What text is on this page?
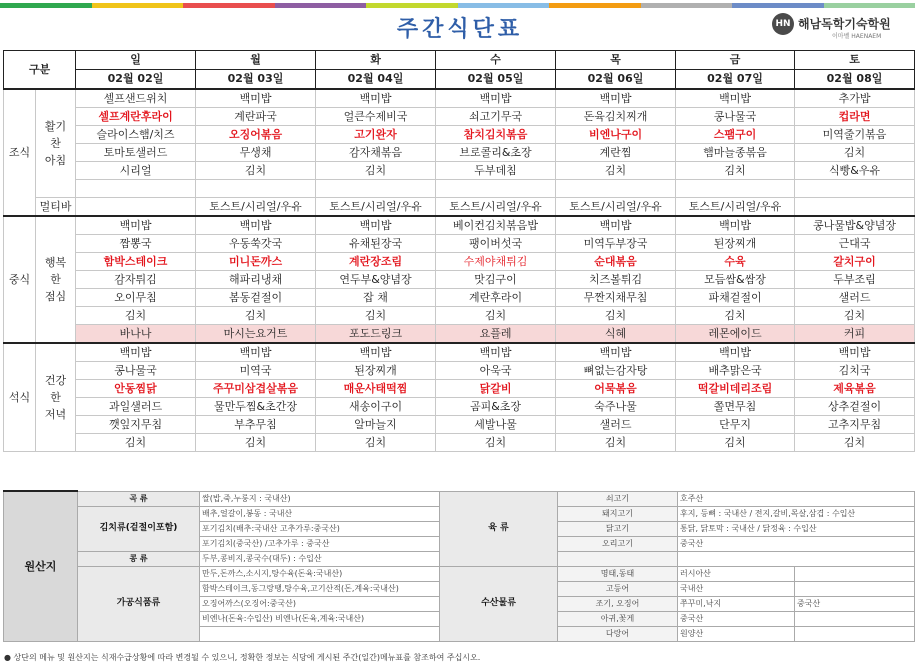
주간식단표	HN 해남독학기숙학원
이마벨 HAENAEM
구분		일	월	화	수	목	금	토
		02월 02일	02월 03일	02월 04일	02월 05일	02월 06일	02월 07일	02월 08일
조식	활기
찬
아침	셀프샌드위치	백미밥	백미밥	백미밥	백미밥	백미밥	추가밥
		셀프계란후라이	계란파국	얼큰수제비국	쇠고기무국	돈육김치찌개	콩나물국	컵라면
		슬라이스햄/치즈	오징어볶음	고기완자	참치김치볶음	비엔나구이	스팸구이	미역줄기볶음
		토마토샐러드	무생채	감자채볶음	브로콜리&초장	계란찜	햄마늘종볶음	김치
		시리얼	김치	김치	두부데침	김치	김치	식빵&우유

	멀티바		토스트/시리얼/우유	토스트/시리얼/우유	토스트/시리얼/우유	토스트/시리얼/우유	토스트/시리얼/우유	
중식	행복
한
점심	백미밥	백미밥	백미밥	베이컨김치볶음밥	백미밥	백미밥	콩나물밥&양념장
		짬뽕국	우동쑥갓국	유채된장국	팽이버섯국	미역두부장국	된장찌개	근대국
		함박스테이크	미니돈까스	계란장조림	수제야채튀김	순대볶음	수육	갈치구이
		감자튀김	해파리냉채	연두부&양념장	맛김구이	치즈볼튀김	모듬쌈&쌈장	두부조림
		오이무침	봄동겉절이	잡 채	계란후라이	무짠지채무침	파채겉절이	샐러드
		김치	김치	김치	김치	김치	김치	김치
		바나나	마시는요거트	포도드링크	요플레	식혜	레몬에이드	커피
석식	건강
한
저녁	백미밥	백미밥	백미밥	백미밥	백미밥	백미밥	백미밥
		콩나물국	미역국	된장찌개	아욱국	뼈없는감자탕	배추맑은국	김치국
		안동찜닭	주꾸미삼겹살볶음	매운사태떡찜	닭갈비	어묵볶음	떡갈비데리조림	제육볶음
		과일샐러드	물만두찜&초간장	새송이구이	곰피&초장	숙주나물	쫄면무침	상추겉절이
		깻잎지무침	부추무침	알마늘지	세발나물	샐러드	단무지	고추지무침
		김치	김치	김치	김치	김치	김치	김치
원산지	곡 류	쌀(밥,죽,누룽지 : 국내산)	육 류	쇠고기	호주산	
	김치류(겉절이포함)	배추,얼갈이,봉동 : 국내산		돼지고기	후지, 등뼈 : 국내산 / 전지,갈비,목살,삼겹 : 수입산	
		포기김치(배추:국내산 고추가루:중국산)		닭고기	통닭, 닭토막 : 국내산 / 닭정육 : 수입산	
		포기김치(중국산) /고추가루 : 중국산		오리고기	중국산	
	콩 류	두부,콩비지,콩국수(대두) : 수입산				
	가공식품류	만두,돈까스,소시지,탕수육(돈육:국내산)	수산물류	명태,동태	러시아산	
		함박스테이크,동그랑땡,탕수육,고기산적(돈,계육:국내산)		고등어	국내산	
		오징어까스(오징어:중국산)		조기, 오징어	쭈꾸미,낙지	중국산
		비엔나(돈육:수입산) 비엔나(돈육,계육:국내산)		아귀,꽃게	중국산	
				다랑어	원양산	
● 상단의 메뉴 및 원산지는 식재수급상황에 따라 변경될 수 있으니, 정확한 정보는 식당에 게시된 주간(일간)메뉴표를 참조하여 주십시오.
